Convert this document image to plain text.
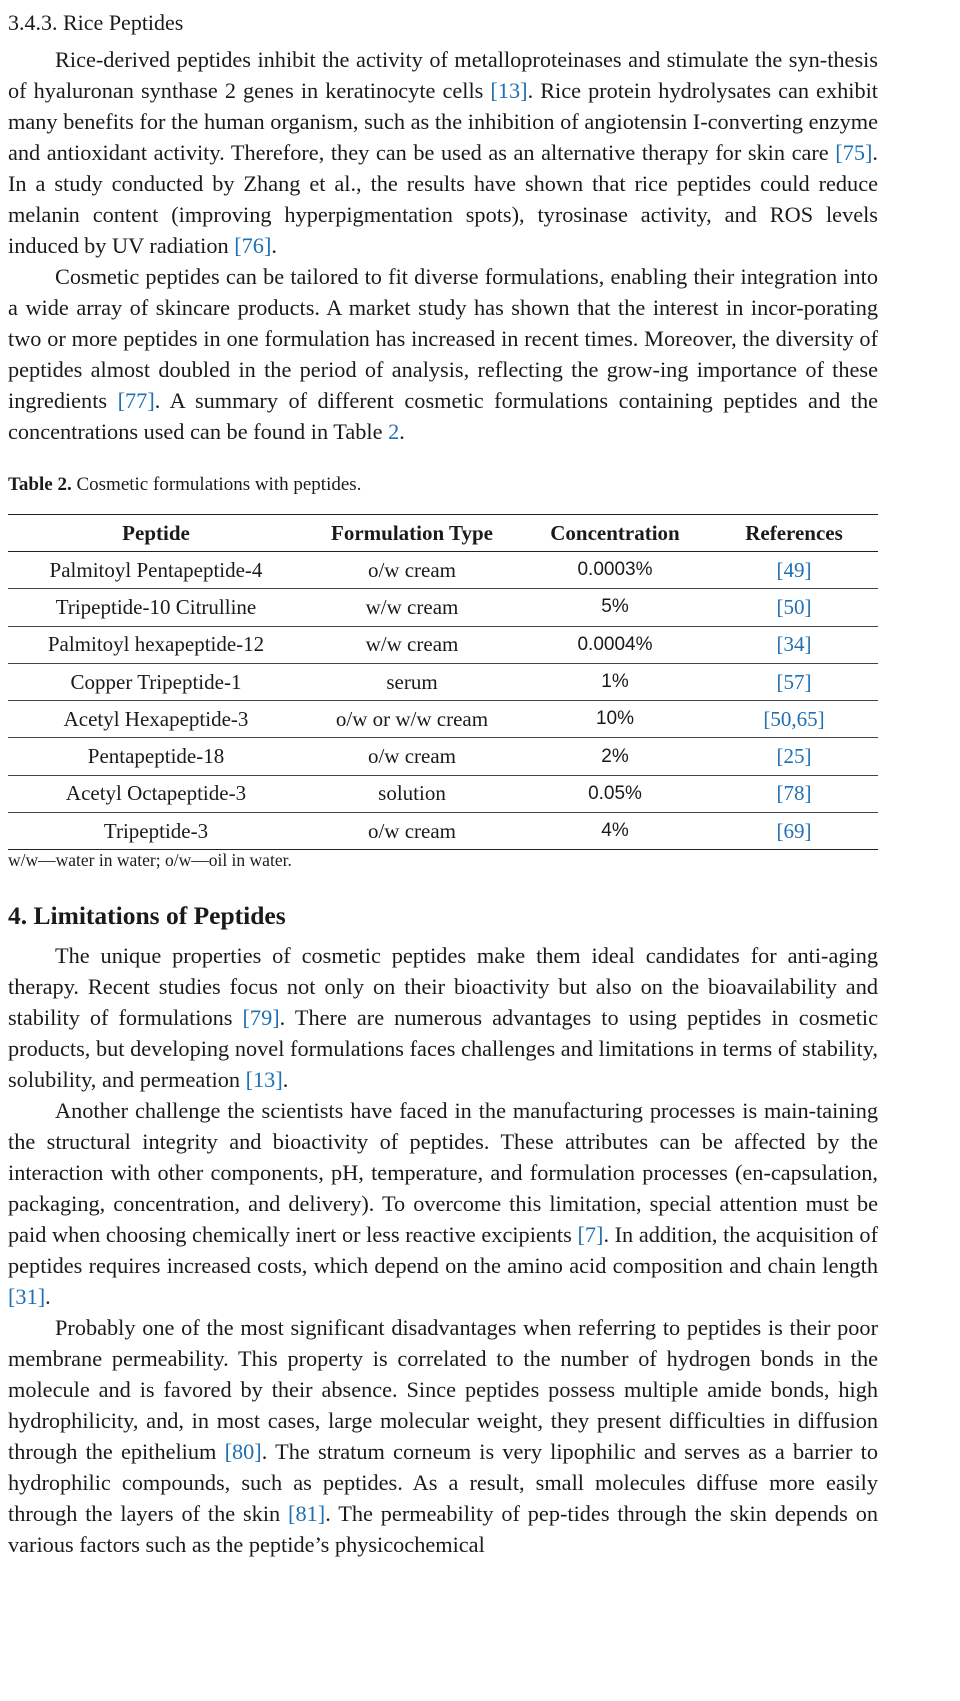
3.4.3. Rice Peptides

Rice-derived peptides inhibit the activity of metalloproteinases and stimulate the syn-thesis of hyaluronan synthase 2 genes in keratinocyte cells [13]. Rice protein hydrolysates can exhibit many benefits for the human organism, such as the inhibition of angiotensin I-converting enzyme and antioxidant activity. Therefore, they can be used as an alternative therapy for skin care [75]. In a study conducted by Zhang et al., the results have shown that rice peptides could reduce melanin content (improving hyperpigmentation spots), tyrosinase activity, and ROS levels induced by UV radiation [76].

Cosmetic peptides can be tailored to fit diverse formulations, enabling their integration into a wide array of skincare products. A market study has shown that the interest in incor-porating two or more peptides in one formulation has increased in recent times. Moreover, the diversity of peptides almost doubled in the period of analysis, reflecting the grow-ing importance of these ingredients [77]. A summary of different cosmetic formulations containing peptides and the concentrations used can be found in Table 2.

Table 2. Cosmetic formulations with peptides.
Peptide	Formulation Type	Concentration	References
Palmitoyl Pentapeptide-4	o/w cream	0.0003%	[49]
Tripeptide-10 Citrulline	w/w cream	5%	[50]
Palmitoyl hexapeptide-12	w/w cream	0.0004%	[34]
Copper Tripeptide-1	serum	1%	[57]
Acetyl Hexapeptide-3	o/w or w/w cream	10%	[50,65]
Pentapeptide-18	o/w cream	2%	[25]
Acetyl Octapeptide-3	solution	0.05%	[78]
Tripeptide-3	o/w cream	4%	[69]
w/w—water in water; o/w—oil in water.
4. Limitations of Peptides

The unique properties of cosmetic peptides make them ideal candidates for anti-aging therapy. Recent studies focus not only on their bioactivity but also on the bioavailability and stability of formulations [79]. There are numerous advantages to using peptides in cosmetic products, but developing novel formulations faces challenges and limitations in terms of stability, solubility, and permeation [13].

Another challenge the scientists have faced in the manufacturing processes is main-taining the structural integrity and bioactivity of peptides. These attributes can be affected by the interaction with other components, pH, temperature, and formulation processes (en-capsulation, packaging, concentration, and delivery). To overcome this limitation, special attention must be paid when choosing chemically inert or less reactive excipients [7]. In addition, the acquisition of peptides requires increased costs, which depend on the amino acid composition and chain length [31].

Probably one of the most significant disadvantages when referring to peptides is their poor membrane permeability. This property is correlated to the number of hydrogen bonds in the molecule and is favored by their absence. Since peptides possess multiple amide bonds, high hydrophilicity, and, in most cases, large molecular weight, they present difficulties in diffusion through the epithelium [80]. The stratum corneum is very lipophilic and serves as a barrier to hydrophilic compounds, such as peptides. As a result, small molecules diffuse more easily through the layers of the skin [81]. The permeability of pep-tides through the skin depends on various factors such as the peptide’s physicochemical
